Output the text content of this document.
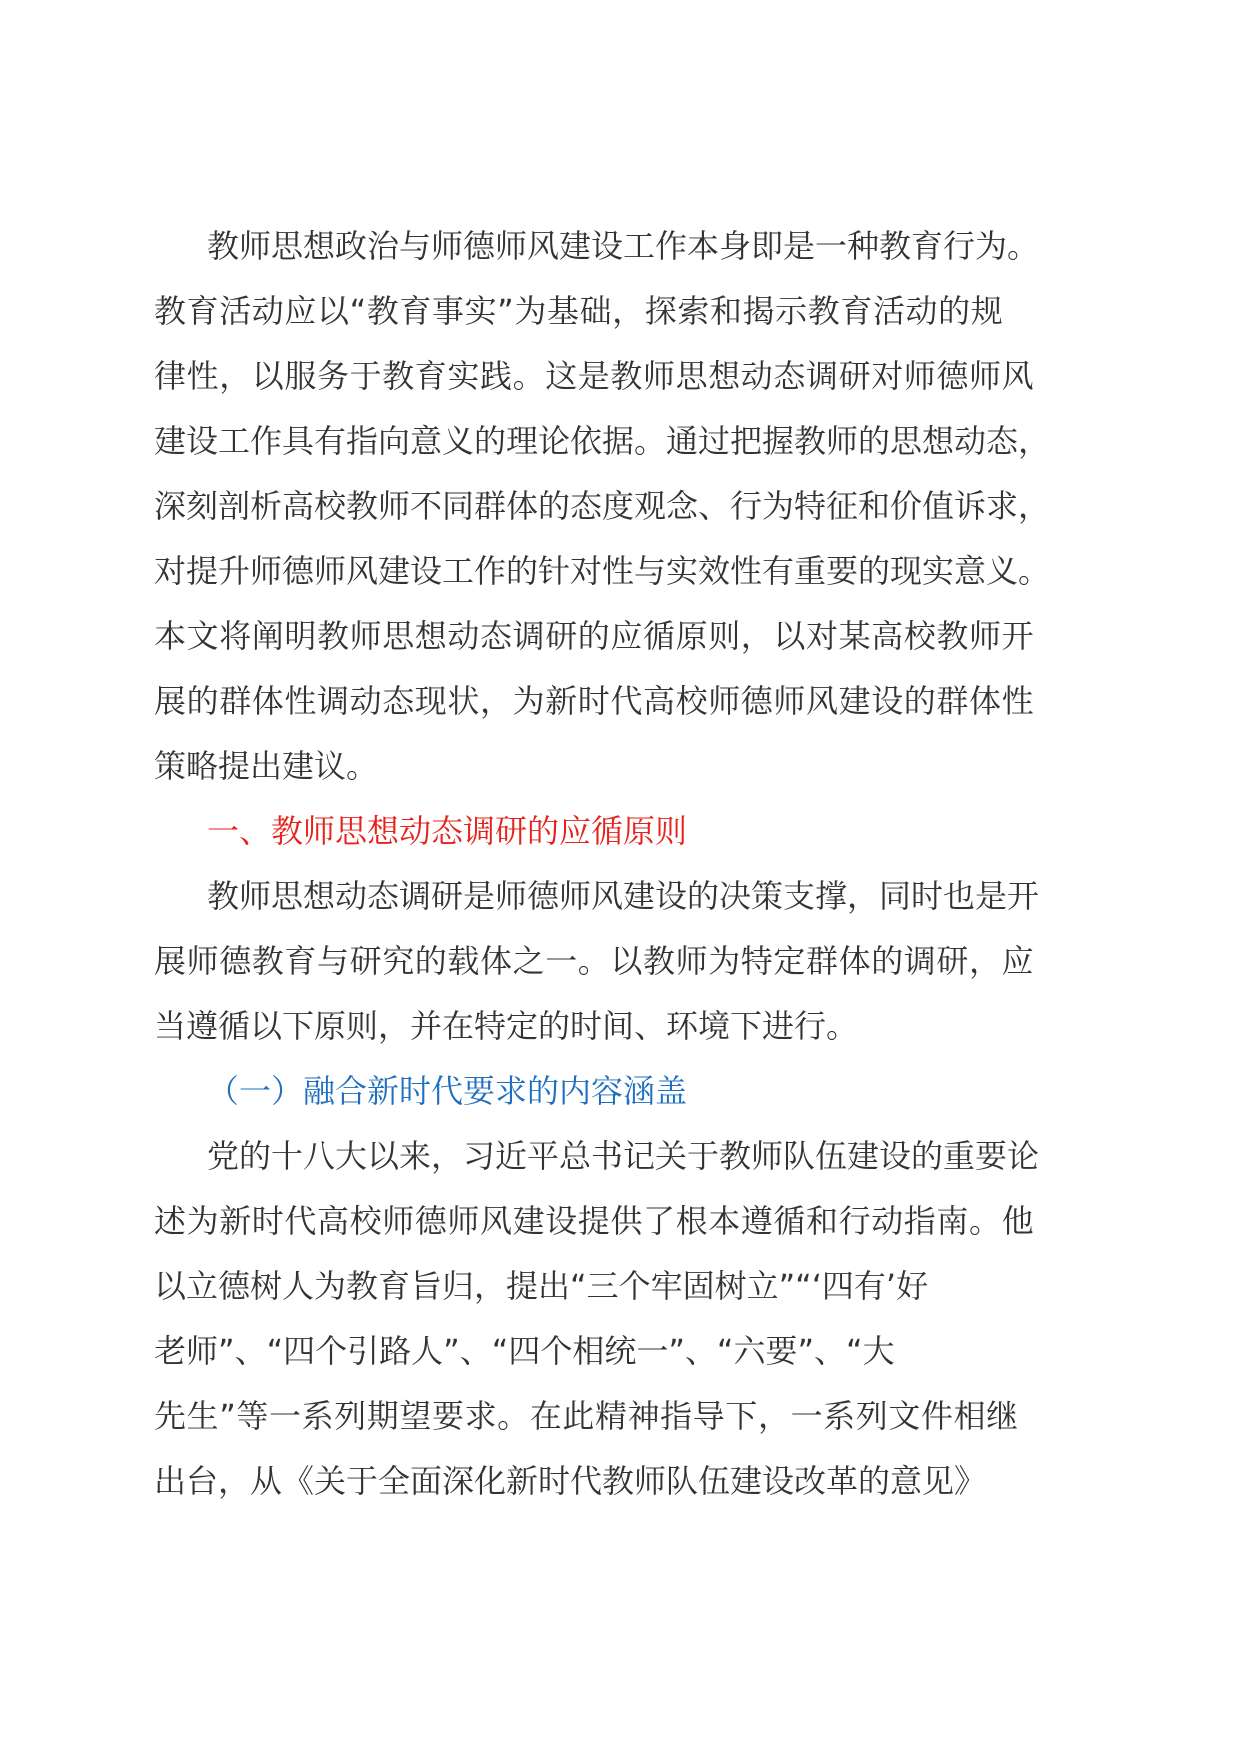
教师思想政治与师德师风建设工作本身即是一种教育行为。
教育活动应以“教育事实”为基础，探索和揭示教育活动的规
律性，以服务于教育实践。这是教师思想动态调研对师德师风
建设工作具有指向意义的理论依据。通过把握教师的思想动态，
深刻剖析高校教师不同群体的态度观念、行为特征和价值诉求，
对提升师德师风建设工作的针对性与实效性有重要的现实意义。
本文将阐明教师思想动态调研的应循原则，以对某高校教师开
展的群体性调动态现状，为新时代高校师德师风建设的群体性
策略提出建议。
一、教师思想动态调研的应循原则
教师思想动态调研是师德师风建设的决策支撑，同时也是开
展师德教育与研究的载体之一。以教师为特定群体的调研，应
当遵循以下原则，并在特定的时间、环境下进行。
（一）融合新时代要求的内容涵盖
党的十八大以来，习近平总书记关于教师队伍建设的重要论
述为新时代高校师德师风建设提供了根本遵循和行动指南。他
以立德树人为教育旨归，提出“三个牢固树立”“‘四有’好
老师”、“四个引路人”、“四个相统一”、“六要”、“大
先生”等一系列期望要求。在此精神指导下，一系列文件相继
出台，从《关于全面深化新时代教师队伍建设改革的意见》
